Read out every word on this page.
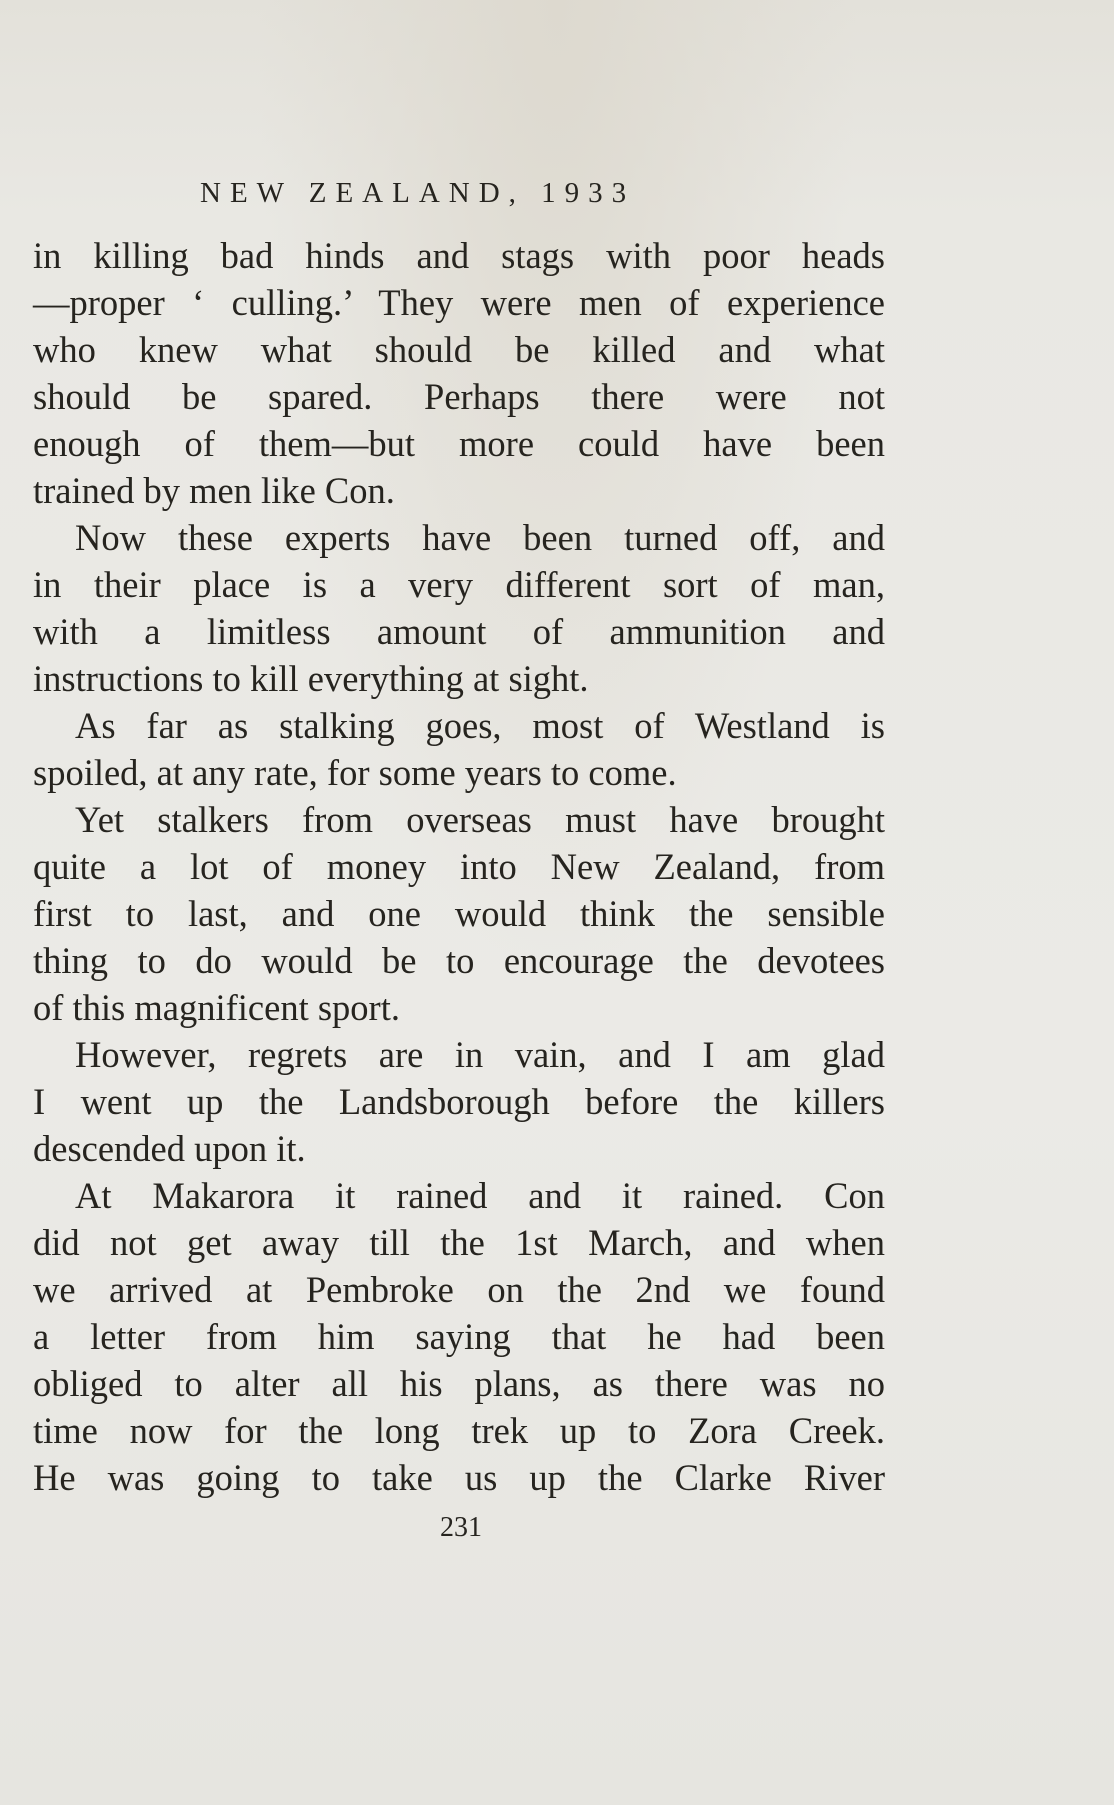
NEW ZEALAND, 1933
in killing bad hinds and stags with poor heads
—proper ‘ culling.’ They were men of experience
who knew what should be killed and what
should be spared. Perhaps there were not
enough of them—but more could have been
trained by men like Con.
Now these experts have been turned off, and
in their place is a very different sort of man,
with a limitless amount of ammunition and
instructions to kill everything at sight.
As far as stalking goes, most of Westland is
spoiled, at any rate, for some years to come.
Yet stalkers from overseas must have brought
quite a lot of money into New Zealand, from
first to last, and one would think the sensible
thing to do would be to encourage the devotees
of this magnificent sport.
However, regrets are in vain, and I am glad
I went up the Landsborough before the killers
descended upon it.
At Makarora it rained and it rained. Con
did not get away till the 1st March, and when
we arrived at Pembroke on the 2nd we found
a letter from him saying that he had been
obliged to alter all his plans, as there was no
time now for the long trek up to Zora Creek.
He was going to take us up the Clarke River
231
